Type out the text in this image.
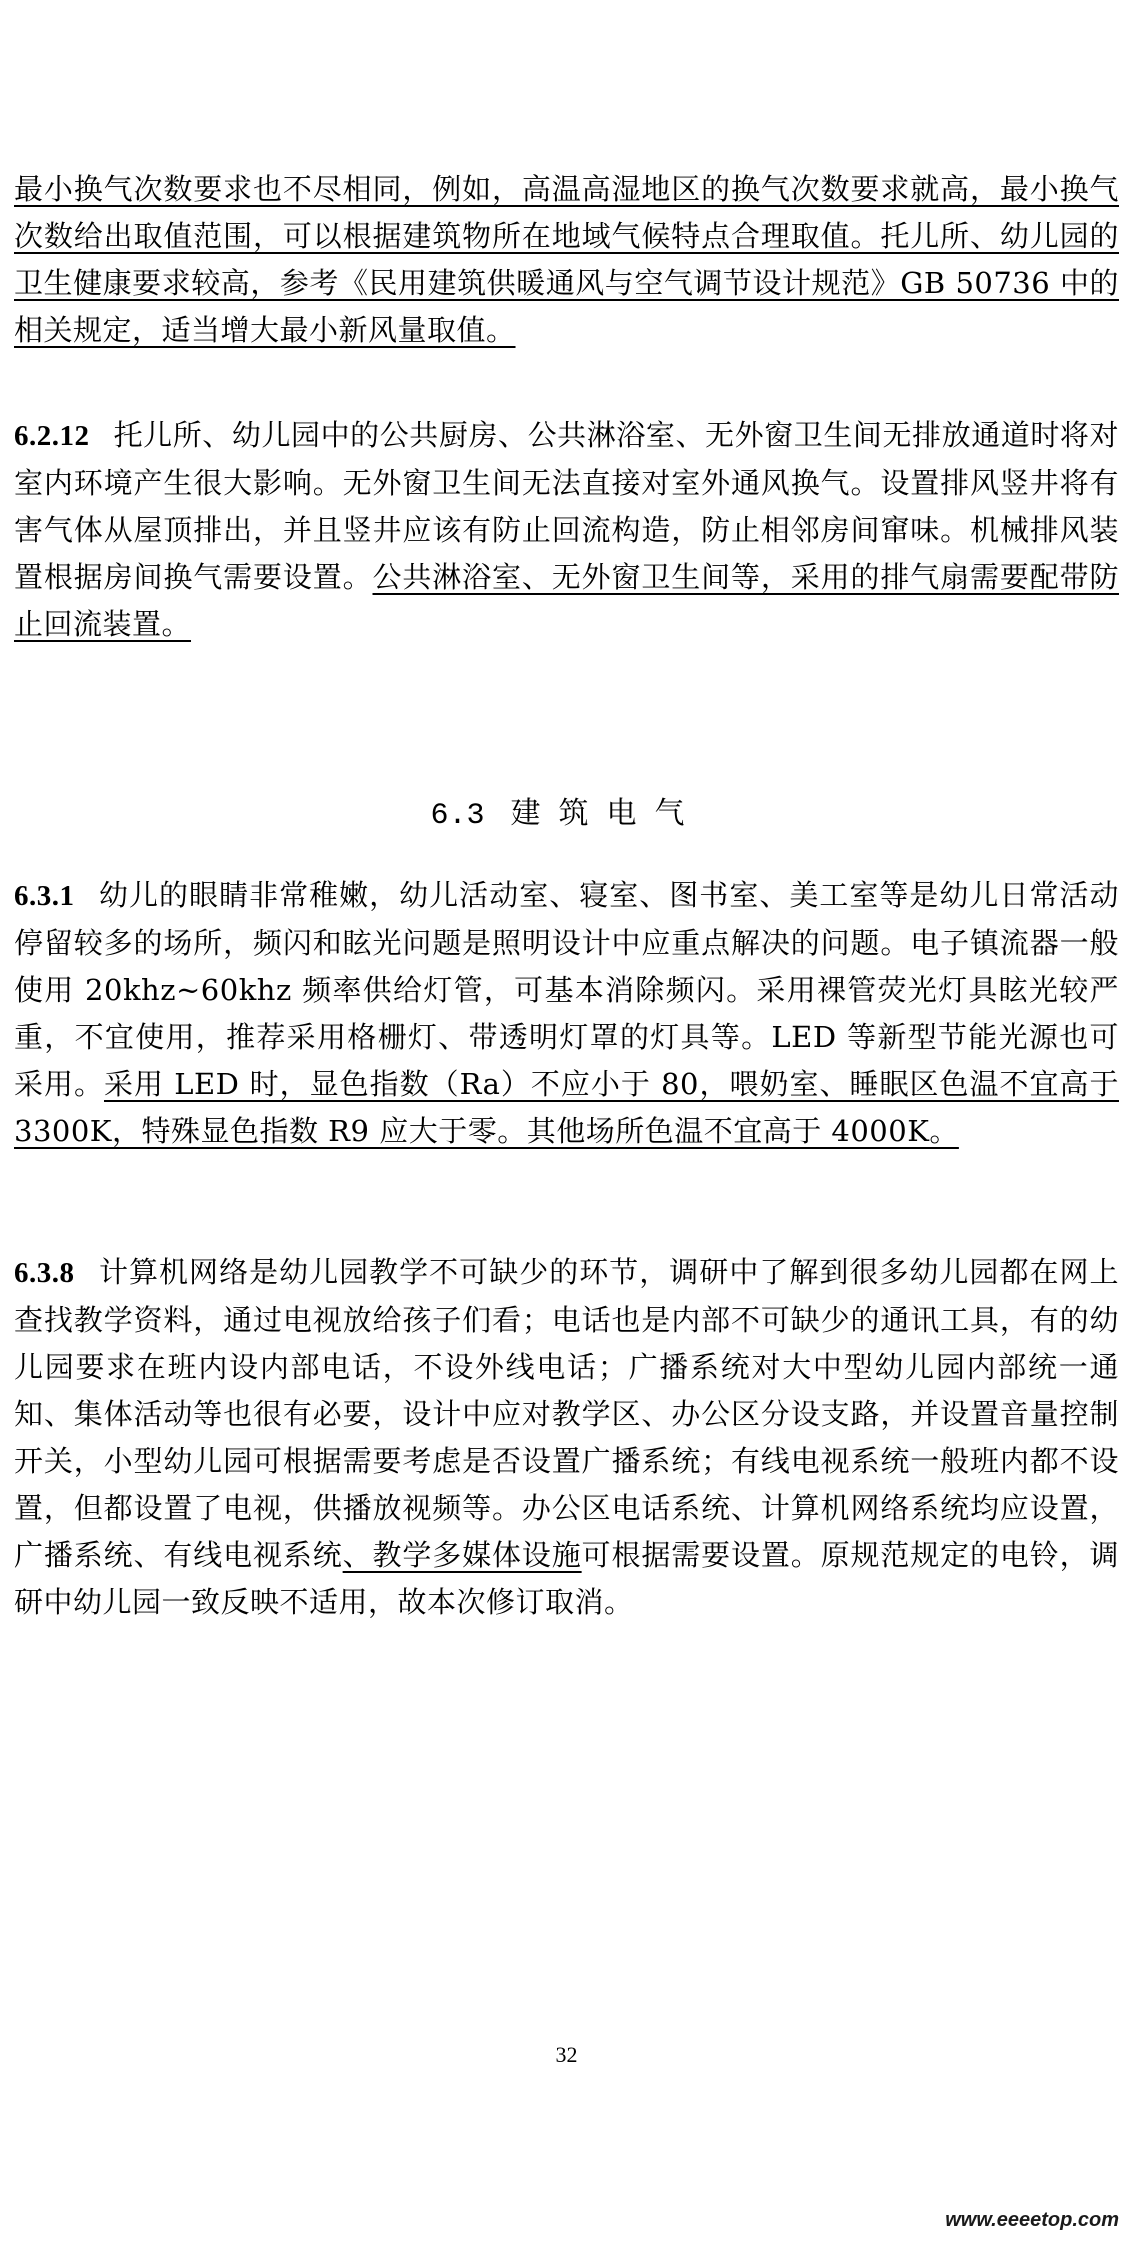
最小换气次数要求也不尽相同，例如，高温高湿地区的换气次数要求就高，最小换气次数给出取值范围，可以根据建筑物所在地域气候特点合理取值。托儿所、幼儿园的卫生健康要求较高，参考《民用建筑供暖通风与空气调节设计规范》GB 50736 中的相关规定，适当增大最小新风量取值。
6.2.12 托儿所、幼儿园中的公共厨房、公共淋浴室、无外窗卫生间无排放通道时将对室内环境产生很大影响。无外窗卫生间无法直接对室外通风换气。设置排风竖井将有害气体从屋顶排出，并且竖井应该有防止回流构造，防止相邻房间窜味。机械排风装置根据房间换气需要设置。公共淋浴室、无外窗卫生间等，采用的排气扇需要配带防止回流装置。
6.3 建筑电气
6.3.1 幼儿的眼睛非常稚嫩，幼儿活动室、寝室、图书室、美工室等是幼儿日常活动停留较多的场所，频闪和眩光问题是照明设计中应重点解决的问题。电子镇流器一般使用 20khz~60khz 频率供给灯管，可基本消除频闪。采用裸管荧光灯具眩光较严重，不宜使用，推荐采用格栅灯、带透明灯罩的灯具等。LED 等新型节能光源也可采用。采用 LED 时，显色指数（Ra）不应小于 80，喂奶室、睡眠区色温不宜高于 3300K，特殊显色指数 R9 应大于零。其他场所色温不宜高于 4000K。
6.3.8 计算机网络是幼儿园教学不可缺少的环节，调研中了解到很多幼儿园都在网上查找教学资料，通过电视放给孩子们看；电话也是内部不可缺少的通讯工具，有的幼儿园要求在班内设内部电话，不设外线电话；广播系统对大中型幼儿园内部统一通知、集体活动等也很有必要，设计中应对教学区、办公区分设支路，并设置音量控制开关，小型幼儿园可根据需要考虑是否设置广播系统；有线电视系统一般班内都不设置，但都设置了电视，供播放视频等。办公区电话系统、计算机网络系统均应设置，广播系统、有线电视系统、教学多媒体设施可根据需要设置。原规范规定的电铃，调研中幼儿园一致反映不适用，故本次修订取消。
32
www.eeeetop.com
